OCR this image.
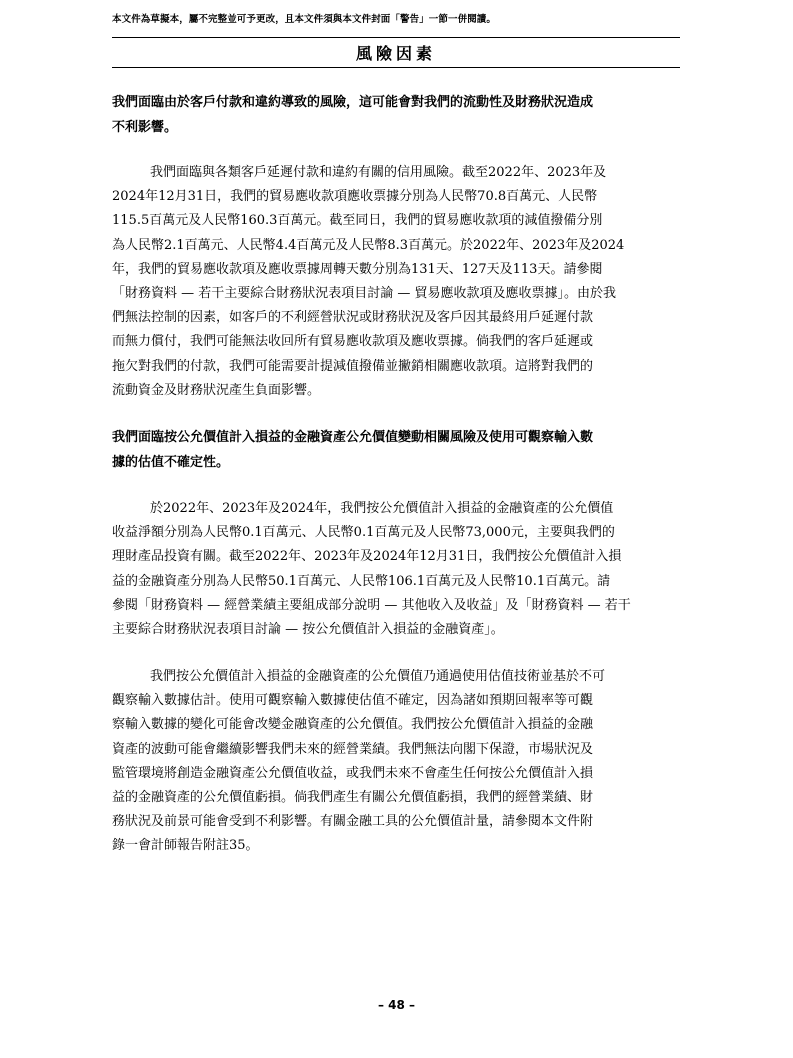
本文件為草擬本，屬不完整並可予更改，且本文件須與本文件封面「警告」一節一併閱讀。
風險因素
我們面臨由於客戶付款和違約導致的風險，這可能會對我們的流動性及財務狀況造成
不利影響。
我們面臨與各類客戶延遲付款和違約有關的信用風險。截至2022年、2023年及
2024年12月31日，我們的貿易應收款項應收票據分別為人民幣70.8百萬元、人民幣
115.5百萬元及人民幣160.3百萬元。截至同日，我們的貿易應收款項的減值撥備分別
為人民幣2.1百萬元、人民幣4.4百萬元及人民幣8.3百萬元。於2022年、2023年及2024
年，我們的貿易應收款項及應收票據周轉天數分別為131天、127天及113天。請參閱
「財務資料 — 若干主要綜合財務狀況表項目討論 — 貿易應收款項及應收票據」。由於我
們無法控制的因素，如客戶的不利經營狀況或財務狀況及客戶因其最終用戶延遲付款
而無力償付，我們可能無法收回所有貿易應收款項及應收票據。倘我們的客戶延遲或
拖欠對我們的付款，我們可能需要計提減值撥備並撇銷相關應收款項。這將對我們的
流動資金及財務狀況產生負面影響。
我們面臨按公允價值計入損益的金融資產公允價值變動相關風險及使用可觀察輸入數
據的估值不確定性。
於2022年、2023年及2024年，我們按公允價值計入損益的金融資產的公允價值
收益淨額分別為人民幣0.1百萬元、人民幣0.1百萬元及人民幣73,000元，主要與我們的
理財產品投資有關。截至2022年、2023年及2024年12月31日，我們按公允價值計入損
益的金融資產分別為人民幣50.1百萬元、人民幣106.1百萬元及人民幣10.1百萬元。請
參閱「財務資料 — 經營業績主要組成部分說明 — 其他收入及收益」及「財務資料 — 若干
主要綜合財務狀況表項目討論 — 按公允價值計入損益的金融資產」。
我們按公允價值計入損益的金融資產的公允價值乃通過使用估值技術並基於不可
觀察輸入數據估計。使用可觀察輸入數據使估值不確定，因為諸如預期回報率等可觀
察輸入數據的變化可能會改變金融資產的公允價值。我們按公允價值計入損益的金融
資產的波動可能會繼續影響我們未來的經營業績。我們無法向閣下保證，市場狀況及
監管環境將創造金融資產公允價值收益，或我們未來不會產生任何按公允價值計入損
益的金融資產的公允價值虧損。倘我們產生有關公允價值虧損，我們的經營業績、財
務狀況及前景可能會受到不利影響。有關金融工具的公允價值計量，請參閱本文件附
錄一會計師報告附註35。
– 48 –
